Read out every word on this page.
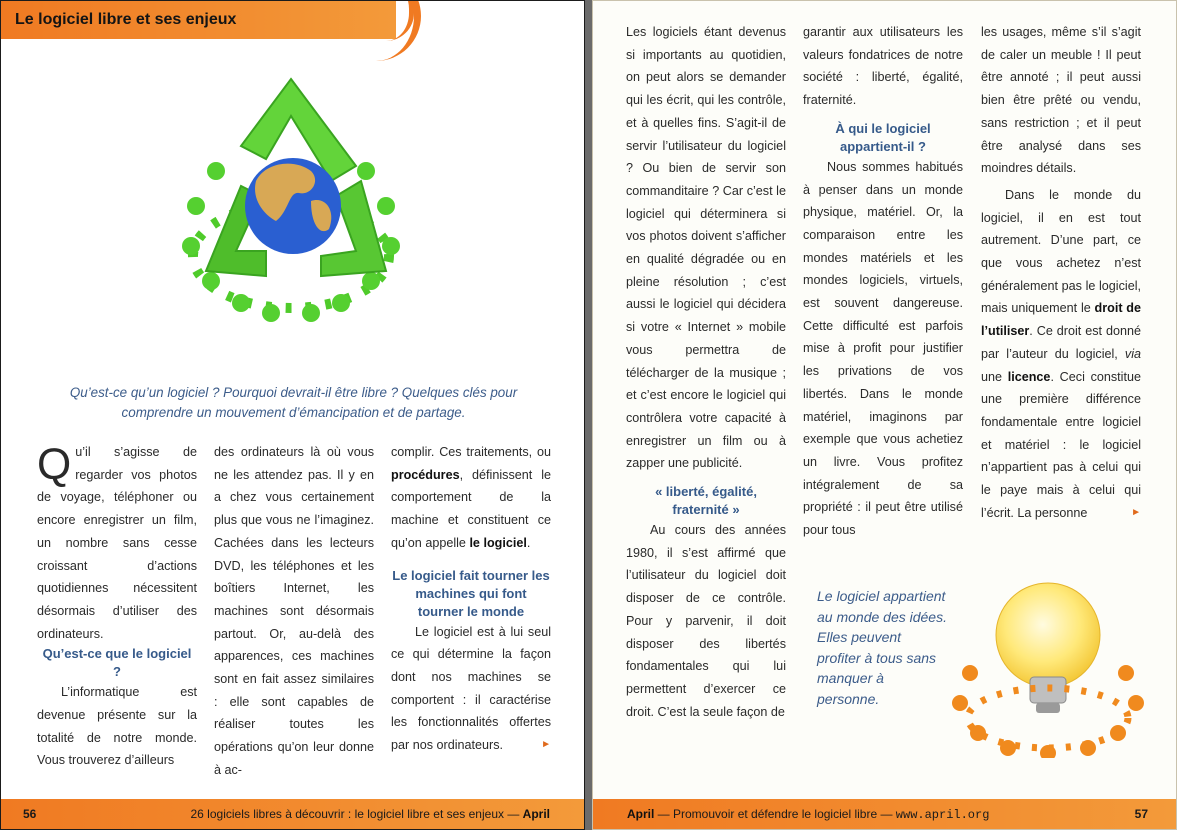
Le logiciel libre et ses enjeux
Qu’est-ce qu’un logiciel ? Pourquoi devrait-il être libre ? Quelques clés pour comprendre un mouvement d’émancipation et de partage.

Q u’il s’agisse de regarder vos photos de voyage, téléphoner ou encore enregistrer un film, un nombre sans cesse croissant d’actions quotidiennes nécessitent désormais d’utiliser des ordinateurs.

Qu’est-ce que le logiciel ?

L’informatique est devenue présente sur la totalité de notre monde. Vous trouverez d’ailleurs

des ordinateurs là où vous ne les attendez pas. Il y en a chez vous certainement plus que vous ne l’imaginez. Cachées dans les lecteurs DVD, les téléphones et les boîtiers Internet, les machines sont désormais partout. Or, au-delà des apparences, ces machines sont en fait assez similaires : elle sont capables de réaliser toutes les opérations qu’on leur donne à ac-

complir. Ces traitements, ou procédures, définissent le comportement de la machine et constituent ce qu’on appelle le logiciel.

Le logiciel fait tourner les machines qui font tourner le monde

Le logiciel est à lui seul ce qui détermine la façon dont nos machines se comportent : il caractérise les fonctionnalités offertes par nos ordinateurs.	►

56	26 logiciels libres à découvrir : le logiciel libre et ses enjeux — April

Les logiciels étant devenus si importants au quotidien, on peut alors se demander qui les écrit, qui les contrôle, et à quelles fins. S’agit-il de servir l’utilisateur du logiciel ? Ou bien de servir son commanditaire ? Car c’est le logiciel qui déterminera si vos photos doivent s’afficher en qualité dégradée ou en pleine résolution ; c’est aussi le logiciel qui décidera si votre « Internet » mobile vous permettra de télécharger de la musique ; et c’est encore le logiciel qui contrôlera votre capacité à enregistrer un film ou à zapper une publicité.

« liberté, égalité, fraternité »

Au cours des années 1980, il s’est affirmé que l’utilisateur du logiciel doit disposer de ce contrôle. Pour y parvenir, il doit disposer des libertés fondamentales qui lui permettent d’exercer ce droit. C’est la seule façon de

garantir aux utilisateurs les valeurs fondatrices de notre société : liberté, égalité, fraternité.

À qui le logiciel appartient-il ?

Nous sommes habitués à penser dans un monde physique, matériel. Or, la comparaison entre les mondes matériels et les mondes logiciels, virtuels, est souvent dangereuse. Cette difficulté est parfois mise à profit pour justifier les privations de vos libertés. Dans le monde matériel, imaginons par exemple que vous achetiez un livre. Vous profitez intégralement de sa propriété : il peut être utilisé pour tous

les usages, même s’il s’agit de caler un meuble ! Il peut être annoté ; il peut aussi bien être prêté ou vendu, sans restriction ; et il peut être analysé dans ses moindres détails.

Dans le monde du logiciel, il en est tout autrement. D’une part, ce que vous achetez n’est généralement pas le logiciel, mais uniquement le droit de l’utiliser. Ce droit est donné par l’auteur du logiciel, via une licence. Ceci constitue une première différence fondamentale entre logiciel et matériel : le logiciel n’appartient pas à celui qui le paye mais à celui qui l’écrit. La personne	►

Le logiciel appartient au monde des idées. Elles peuvent profiter à tous sans manquer à personne.
April — Promouvoir et défendre le logiciel libre — www.april.org	57
